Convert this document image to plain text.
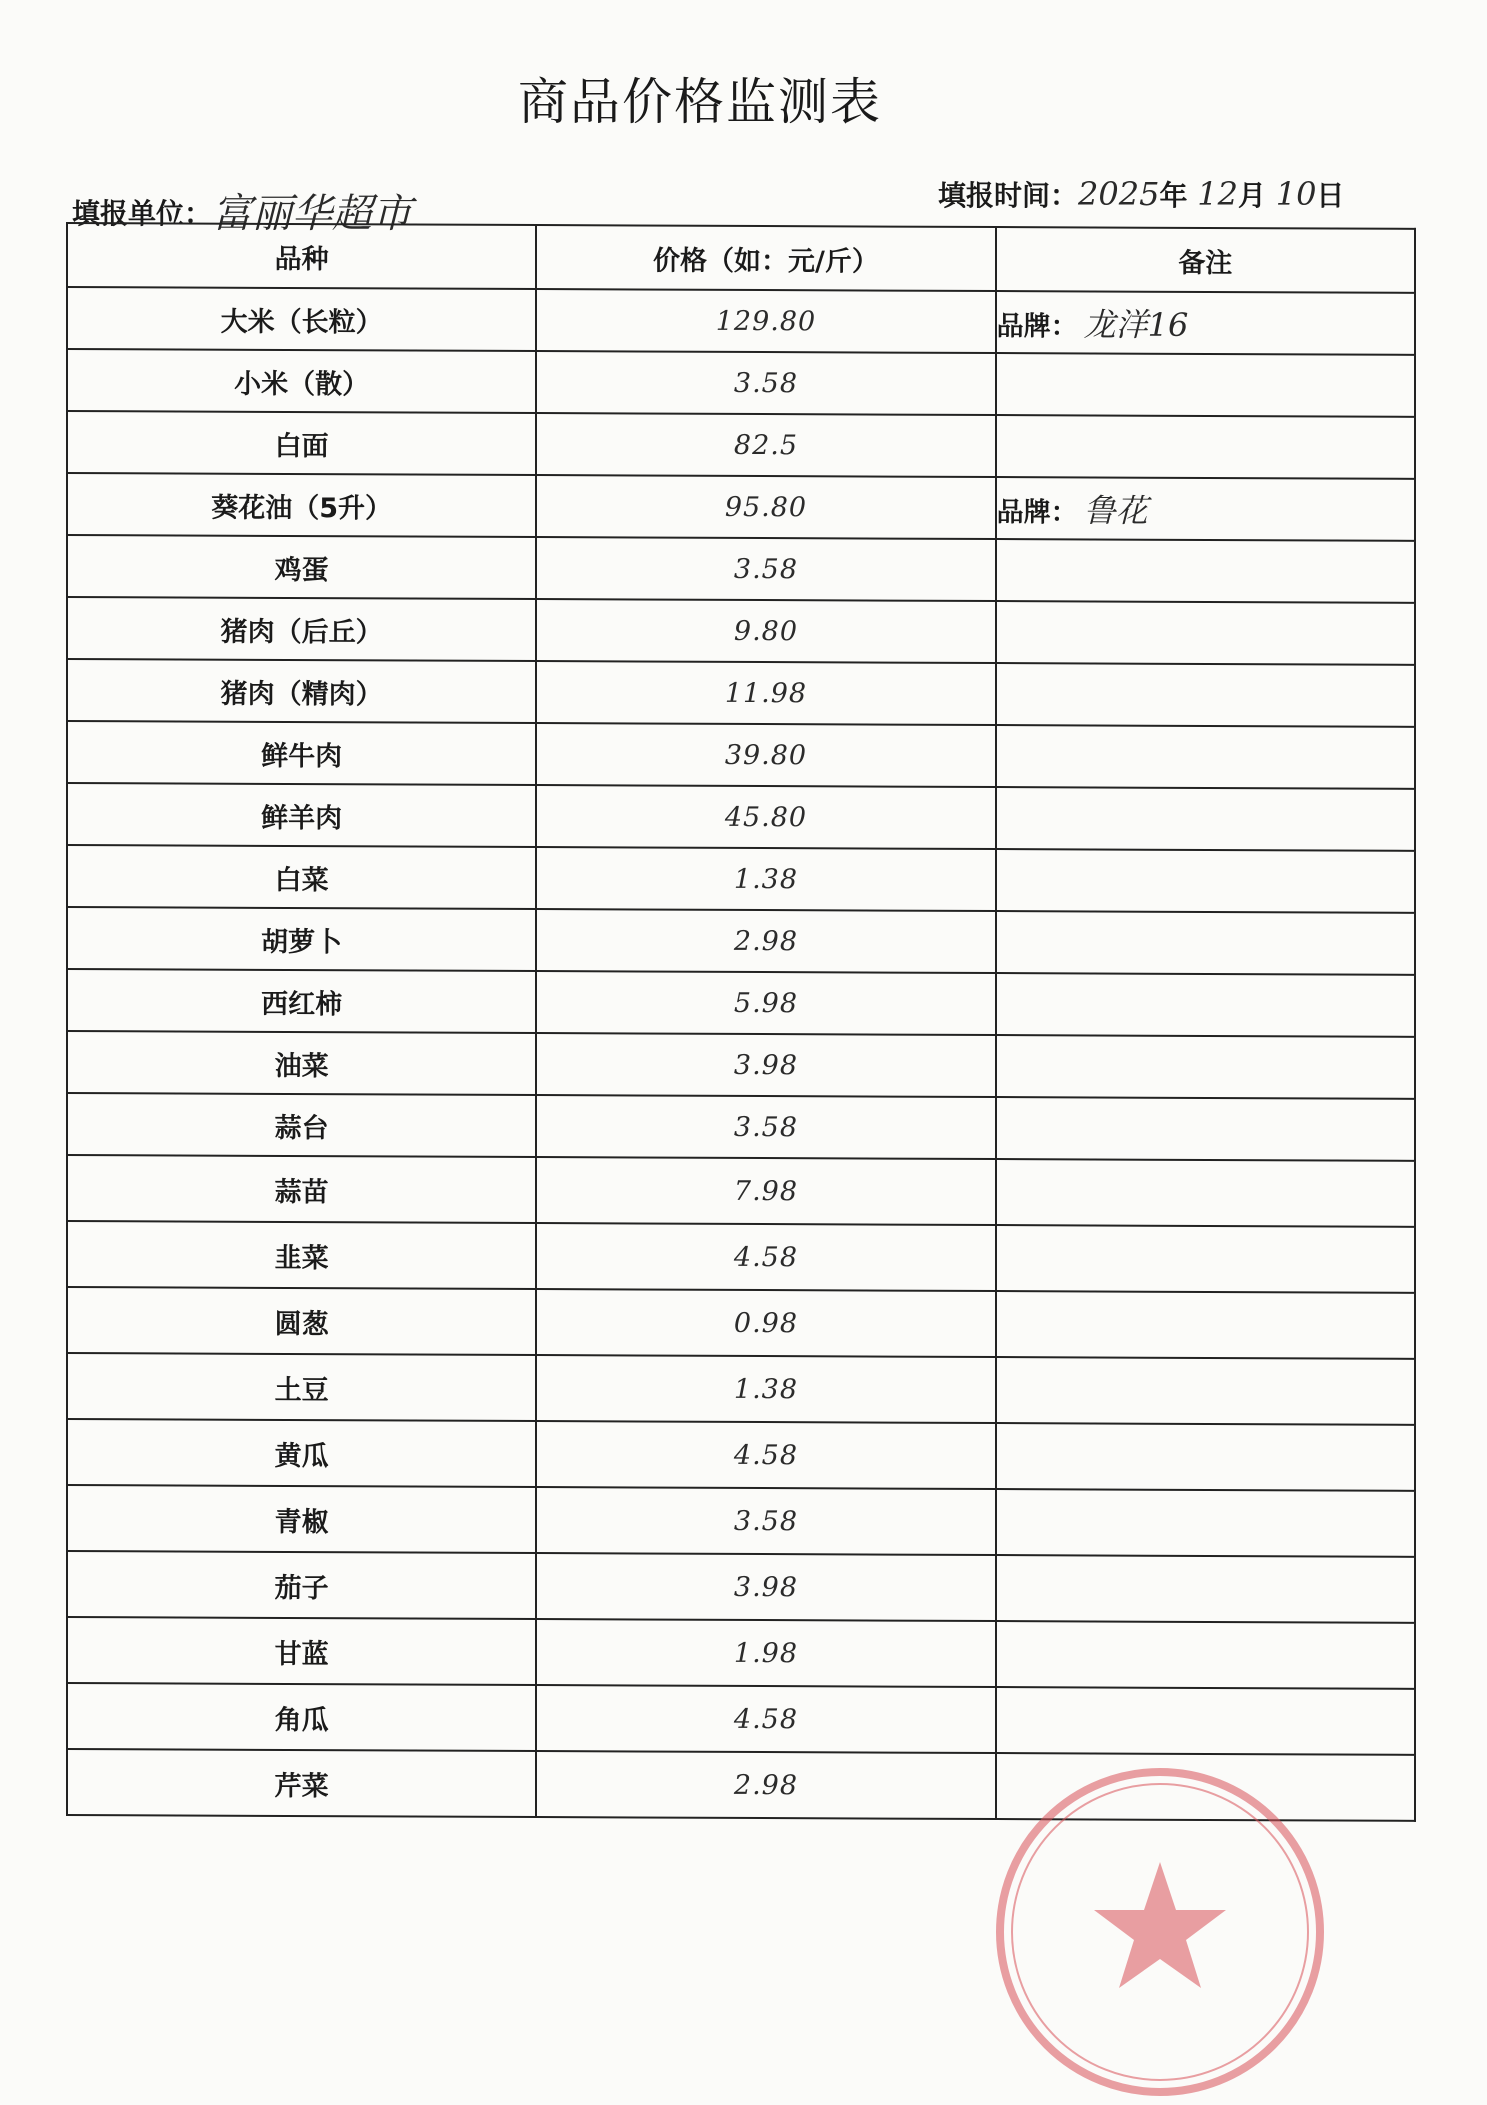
商品价格监测表
填报单位：富丽华超市	填报时间：2025年 12月 10日
品种	价格（如：元/斤）	备注
大米（长粒）	129.80	品牌： 龙洋16
小米（散）	3.58	
白面	82.5	
葵花油（5升）	95.80	品牌： 鲁花
鸡蛋	3.58	
猪肉（后丘）	9.80	
猪肉（精肉）	11.98	
鲜牛肉	39.80	
鲜羊肉	45.80	
白菜	1.38	
胡萝卜	2.98	
西红柿	5.98	
油菜	3.98	
蒜台	3.58	
蒜苗	7.98	
韭菜	4.58	
圆葱	0.98	
土豆	1.38	
黄瓜	4.58	
青椒	3.58	
茄子	3.98	
甘蓝	1.98	
角瓜	4.58	
芹菜	2.98	
